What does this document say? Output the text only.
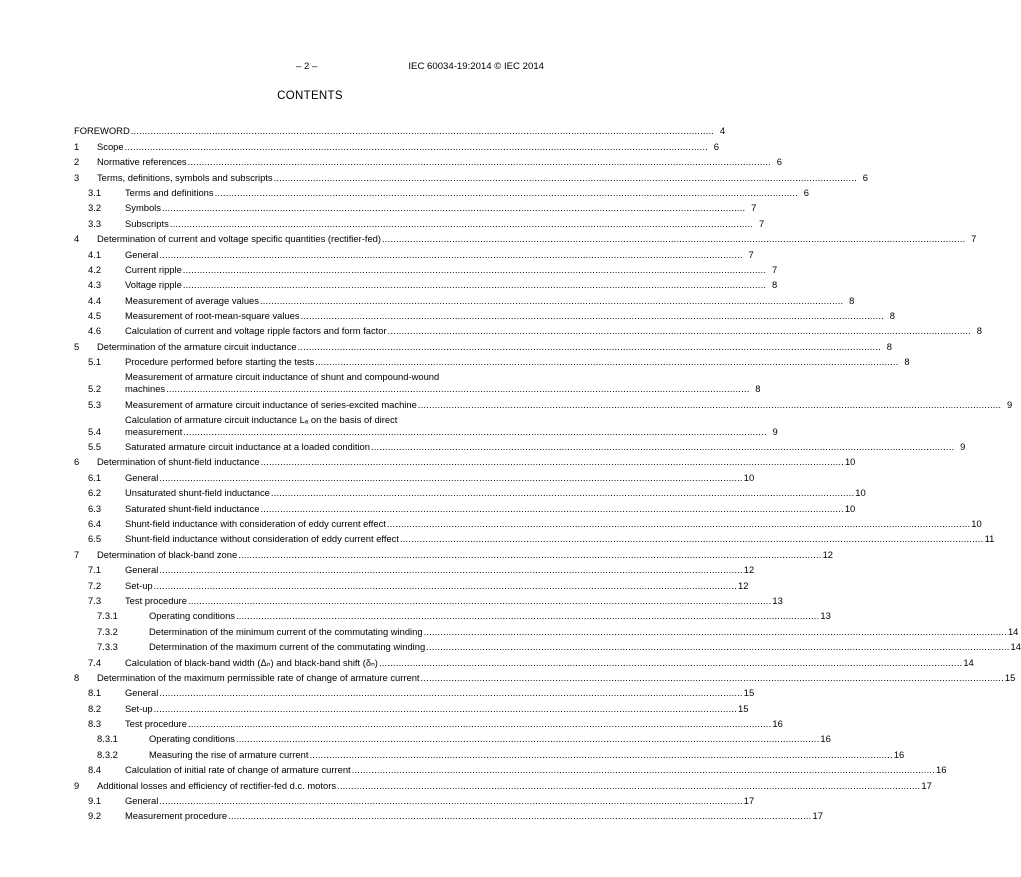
– 2 –	IEC 60034-19:2014 © IEC 2014
CONTENTS
FOREWORD .....	4
1	Scope .....	6
2	Normative references .....	6
3	Terms, definitions, symbols and subscripts .....	6
3.1	Terms and definitions .....	6
3.2	Symbols .....	7
3.3	Subscripts .....	7
4	Determination of current and voltage specific quantities (rectifier-fed) .....	7
4.1	General .....	7
4.2	Current ripple .....	7
4.3	Voltage ripple .....	8
4.4	Measurement of average values .....	8
4.5	Measurement of root-mean-square values .....	8
4.6	Calculation of current and voltage ripple factors and form factor .....	8
5	Determination of the armature circuit inductance .....	8
5.1	Procedure performed before starting the tests .....	8
5.2
Measurement of armature circuit inductance of shunt and compound-wound
machines .....	8
5.3	Measurement of armature circuit inductance of series-excited machine .....	9
5.4
Calculation of armature circuit inductance Lₐ on the basis of direct
measurement .....	9
5.5	Saturated armature circuit inductance at a loaded condition .....	9
6	Determination of shunt-field inductance .....	10
6.1	General .....	10
6.2	Unsaturated shunt-field inductance .....	10
6.3	Saturated shunt-field inductance .....	10
6.4	Shunt-field inductance with consideration of eddy current effect .....	10
6.5	Shunt-field inductance without consideration of eddy current effect .....	11
7	Determination of black-band zone .....	12
7.1	General .....	12
7.2	Set-up .....	12
7.3	Test procedure .....	13
7.3.1	Operating conditions .....	13
7.3.2	Determination of the minimum current of the commutating winding .....	14
7.3.3	Determination of the maximum current of the commutating winding .....	14
7.4	Calculation of black-band width (Δₙ) and black-band shift (δₙ) .....	14
8	Determination of the maximum permissible rate of change of armature current .....	15
8.1	General .....	15
8.2	Set-up .....	15
8.3	Test procedure .....	16
8.3.1	Operating conditions .....	16
8.3.2	Measuring the rise of armature current .....	16
8.4	Calculation of initial rate of change of armature current .....	16
9	Additional losses and efficiency of rectifier-fed d.c. motors .....	17
9.1	General .....	17
9.2	Measurement procedure .....	17
